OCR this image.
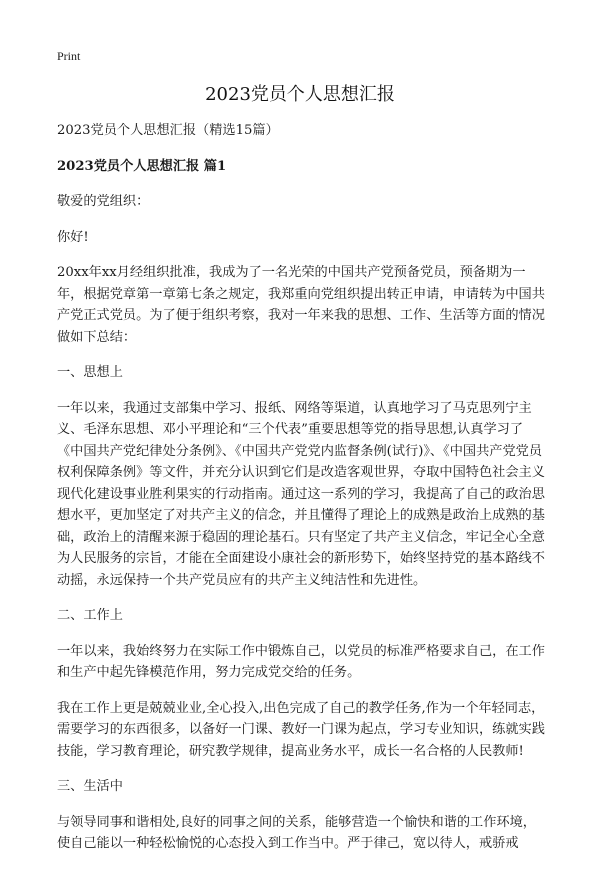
Print
2023党员个人思想汇报

2023党员个人思想汇报（精选15篇）

2023党员个人思想汇报 篇1

敬爱的党组织：

你好!

20xx年xx月经组织批准，我成为了一名光荣的中国共产党预备党员，预备期为一年，根据党章第一章第七条之规定，我郑重向党组织提出转正申请，申请转为中国共产党正式党员。为了便于组织考察，我对一年来我的思想、工作、生活等方面的情况做如下总结：

一、思想上

一年以来，我通过支部集中学习、报纸、网络等渠道，认真地学习了马克思列宁主义、毛泽东思想、邓小平理论和“三个代表”重要思想等党的指导思想,认真学习了《中国共产党纪律处分条例》、《中国共产党党内监督条例(试行)》、《中国共产党党员权利保障条例》等文件，并充分认识到它们是改造客观世界，夺取中国特色社会主义现代化建设事业胜利果实的行动指南。通过这一系列的学习，我提高了自己的政治思想水平，更加坚定了对共产主义的信念，并且懂得了理论上的成熟是政治上成熟的基础，政治上的清醒来源于稳固的理论基石。只有坚定了共产主义信念，牢记全心全意为人民服务的宗旨，才能在全面建设小康社会的新形势下，始终坚持党的基本路线不动摇，永远保持一个共产党员应有的共产主义纯洁性和先进性。

二、工作上

一年以来，我始终努力在实际工作中锻炼自己，以党员的标准严格要求自己，在工作和生产中起先锋模范作用，努力完成党交给的任务。

我在工作上更是兢兢业业,全心投入,出色完成了自己的教学任务,作为一个年轻同志，需要学习的东西很多，以备好一门课、教好一门课为起点，学习专业知识，练就实践技能，学习教育理论，研究教学规律，提高业务水平，成长一名合格的人民教师!

三、生活中

与领导同事和谐相处,良好的同事之间的关系，能够营造一个愉快和谐的工作环境，使自己能以一种轻松愉悦的心态投入到工作当中。严于律己，宽以待人，戒骄戒
